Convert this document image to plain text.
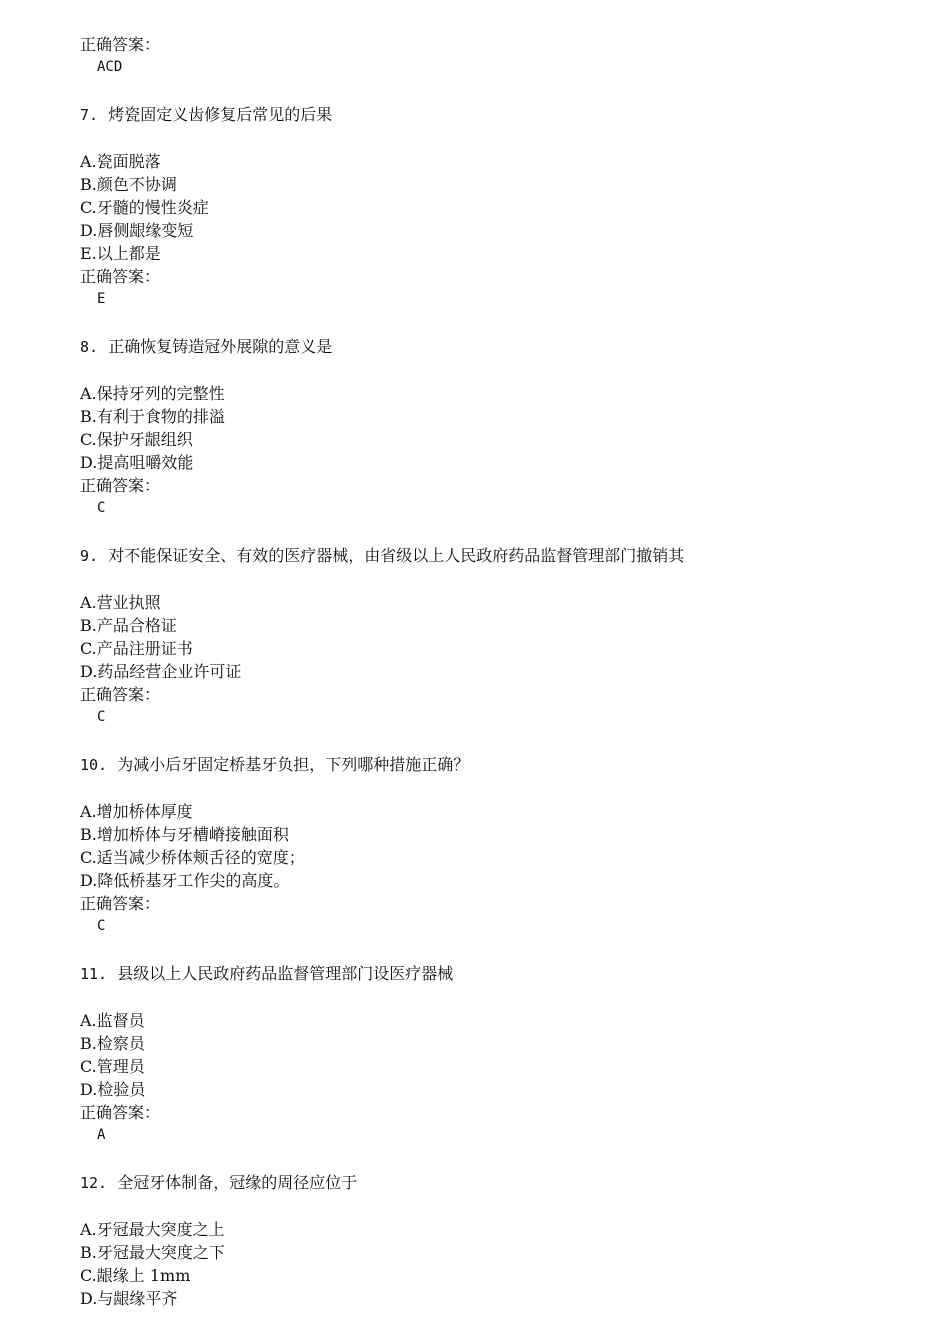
正确答案：
ACD
7. 烤瓷固定义齿修复后常见的后果
A.瓷面脱落
B.颜色不协调
C.牙髓的慢性炎症
D.唇侧龈缘变短
E.以上都是
正确答案：
E
8. 正确恢复铸造冠外展隙的意义是
A.保持牙列的完整性
B.有利于食物的排溢
C.保护牙龈组织
D.提高咀嚼效能
正确答案：
C
9. 对不能保证安全、有效的医疗器械，由省级以上人民政府药品监督管理部门撤销其
A.营业执照
B.产品合格证
C.产品注册证书
D.药品经营企业许可证
正确答案：
C
10. 为减小后牙固定桥基牙负担，下列哪种措施正确？
A.增加桥体厚度
B.增加桥体与牙槽嵴接触面积
C.适当减少桥体颊舌径的宽度；
D.降低桥基牙工作尖的高度。
正确答案：
C
11. 县级以上人民政府药品监督管理部门设医疗器械
A.监督员
B.检察员
C.管理员
D.检验员
正确答案：
A
12. 全冠牙体制备，冠缘的周径应位于
A.牙冠最大突度之上
B.牙冠最大突度之下
C.龈缘上 1mm
D.与龈缘平齐
